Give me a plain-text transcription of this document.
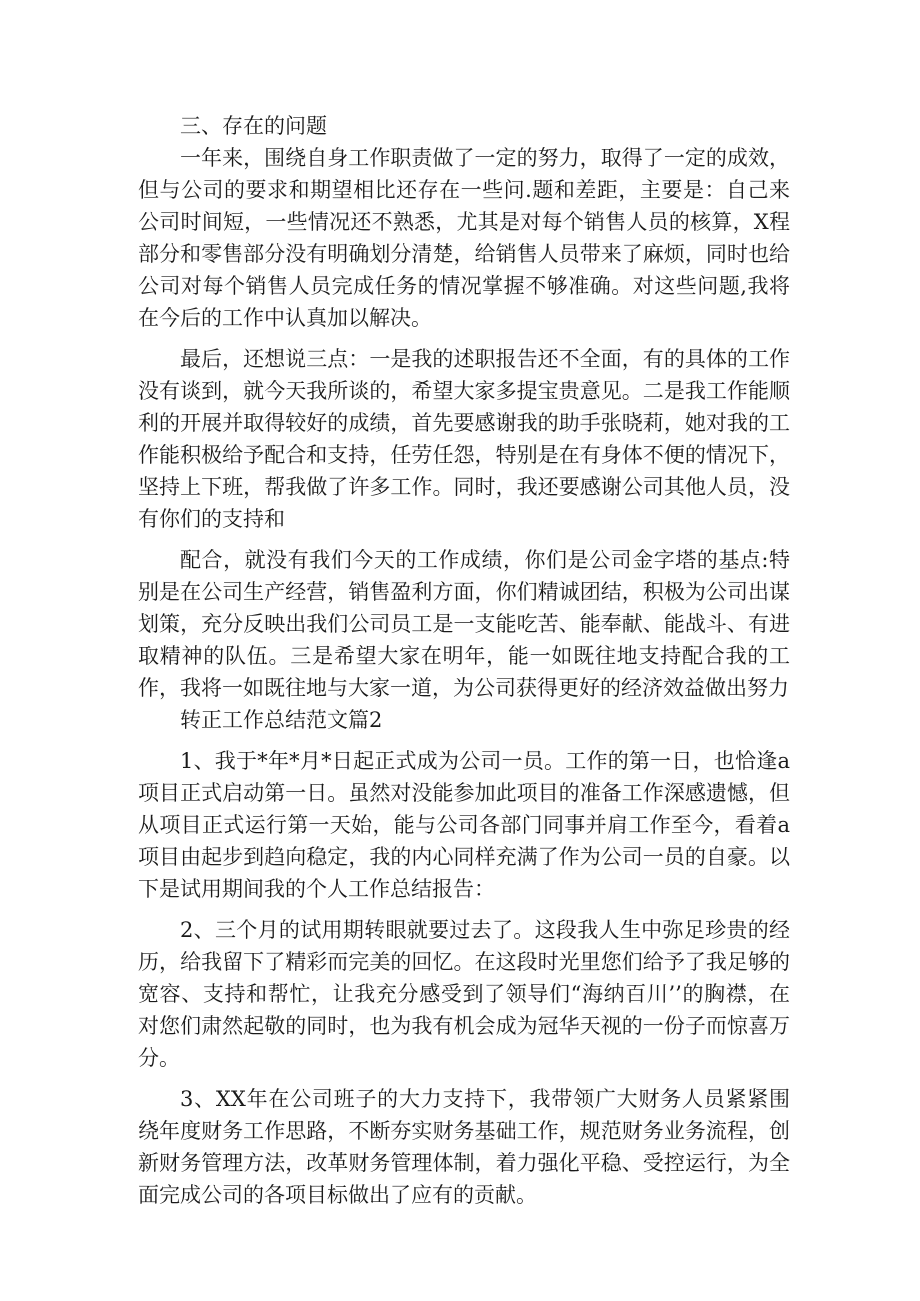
三、存在的问题

一年来，围绕自身工作职责做了一定的努力，取得了一定的成效，但与公司的要求和期望相比还存在一些问.题和差距，主要是：自己来公司时间短，一些情况还不熟悉，尤其是对每个销售人员的核算，X程部分和零售部分没有明确划分清楚，给销售人员带来了麻烦，同时也给公司对每个销售人员完成任务的情况掌握不够准确。对这些问题,我将在今后的工作中认真加以解决。

最后，还想说三点：一是我的述职报告还不全面，有的具体的工作没有谈到，就今天我所谈的，希望大家多提宝贵意见。二是我工作能顺利的开展并取得较好的成绩，首先要感谢我的助手张晓莉，她对我的工作能积极给予配合和支持，任劳任怨，特别是在有身体不便的情况下，坚持上下班，帮我做了许多工作。同时，我还要感谢公司其他人员，没有你们的支持和

配合，就没有我们今天的工作成绩，你们是公司金字塔的基点:特别是在公司生产经营，销售盈利方面，你们精诚团结，积极为公司出谋划策，充分反映出我们公司员工是一支能吃苦、能奉献、能战斗、有进取精神的队伍。三是希望大家在明年，能一如既往地支持配合我的工作，我将一如既往地与大家一道，为公司获得更好的经济效益做出努力

转正工作总结范文篇2

1、我于*年*月*日起正式成为公司一员。工作的第一日，也恰逢a项目正式启动第一日。虽然对没能参加此项目的准备工作深感遗憾，但从项目正式运行第一天始，能与公司各部门同事并肩工作至今，看着a项目由起步到趋向稳定，我的内心同样充满了作为公司一员的自豪。以下是试用期间我的个人工作总结报告：

2、三个月的试用期转眼就要过去了。这段我人生中弥足珍贵的经历，给我留下了精彩而完美的回忆。在这段时光里您们给予了我足够的宽容、支持和帮忙，让我充分感受到了领导们“海纳百川’’的胸襟，在对您们肃然起敬的同时，也为我有机会成为冠华天视的一份子而惊喜万分。

3、XX年在公司班子的大力支持下，我带领广大财务人员紧紧围绕年度财务工作思路，不断夯实财务基础工作，规范财务业务流程，创新财务管理方法，改革财务管理体制，着力强化平稳、受控运行，为全面完成公司的各项目标做出了应有的贡献。
